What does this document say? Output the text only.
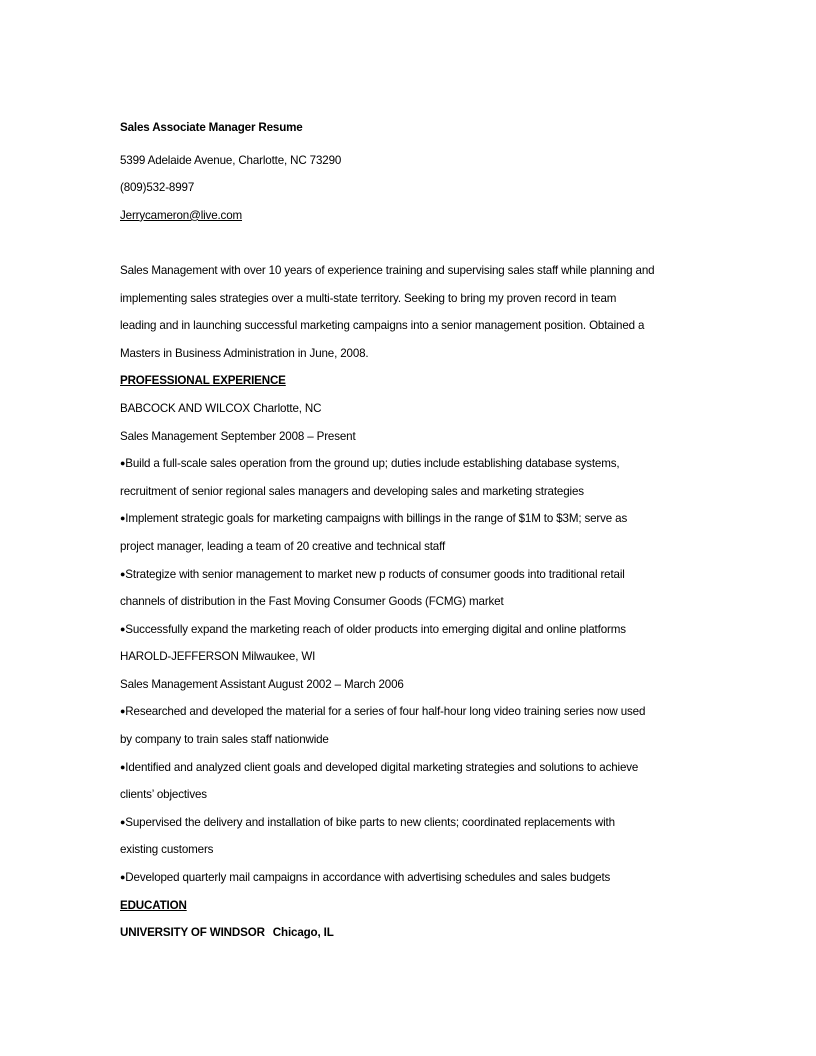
Sales Associate Manager Resume
5399 Adelaide Avenue, Charlotte, NC 73290
(809)532-8997
Jerrycameron@live.com
Sales Management with over 10 years of experience training and supervising sales staff while planning and
implementing sales strategies over a multi-state territory. Seeking to bring my proven record in team
leading and in launching successful marketing campaigns into a senior management position. Obtained a
Masters in Business Administration in June, 2008.
PROFESSIONAL EXPERIENCE
BABCOCK AND WILCOX Charlotte, NC
Sales Management September 2008 – Present
●Build a full-scale sales operation from the ground up; duties include establishing database systems,
recruitment of senior regional sales managers and developing sales and marketing strategies
●Implement strategic goals for marketing campaigns with billings in the range of $1M to $3M; serve as
project manager, leading a team of 20 creative and technical staff
●Strategize with senior management to market new p roducts of consumer goods into traditional retail
channels of distribution in the Fast Moving Consumer Goods (FCMG) market
●Successfully expand the marketing reach of older products into emerging digital and online platforms
HAROLD-JEFFERSON Milwaukee, WI
Sales Management Assistant August 2002 – March 2006
●Researched and developed the material for a series of four half-hour long video training series now used
by company to train sales staff nationwide
●Identified and analyzed client goals and developed digital marketing strategies and solutions to achieve
clients’ objectives
●Supervised the delivery and installation of bike parts to new clients; coordinated replacements with
existing customers
●Developed quarterly mail campaigns in accordance with advertising schedules and sales budgets
EDUCATION
UNIVERSITY OF WINDSOR Chicago, IL
